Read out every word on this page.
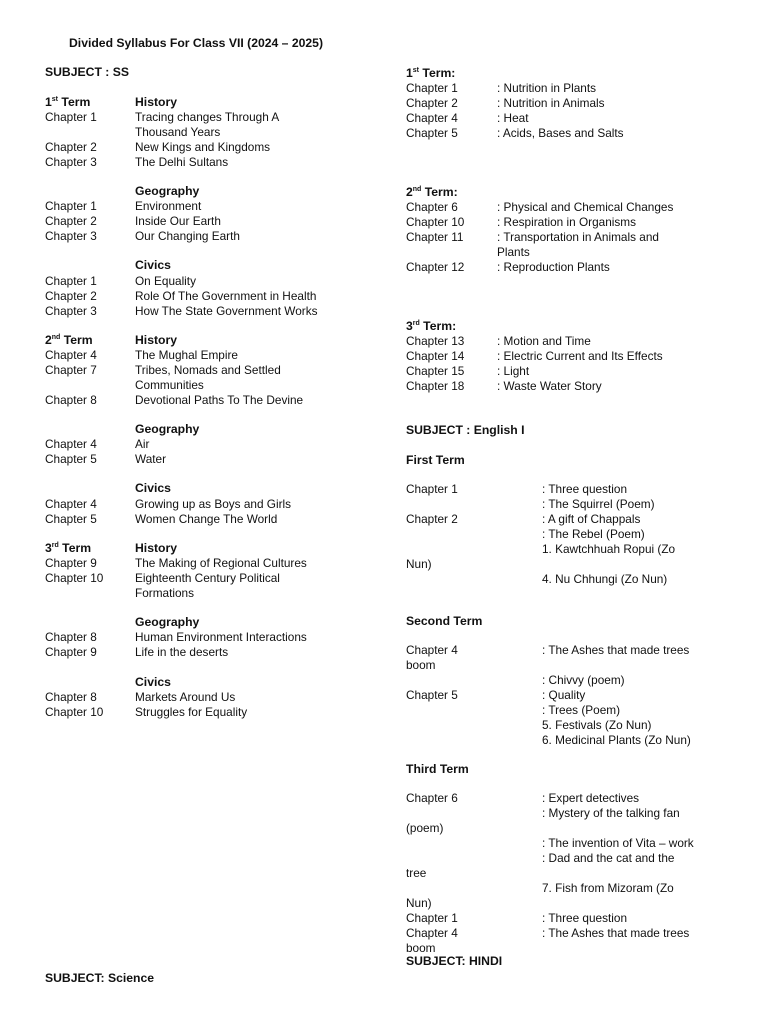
Divided Syllabus For Class VII (2024 – 2025)
SUBJECT : SS
1st Term	History
Chapter 1	Tracing changes Through A
Thousand Years
Chapter 2	New Kings and Kingdoms
Chapter 3	The Delhi Sultans
Geography
Chapter 1	Environment
Chapter 2	Inside Our Earth
Chapter 3	Our Changing Earth
Civics
Chapter 1	On Equality
Chapter 2	Role Of The Government in Health
Chapter 3	How The State Government Works
2nd Term	History
Chapter 4	The Mughal Empire
Chapter 7	Tribes, Nomads and Settled
Communities
Chapter 8	Devotional Paths To The Devine
Geography
Chapter 4	Air
Chapter 5	Water
Civics
Chapter 4	Growing up as Boys and Girls
Chapter 5	Women Change The World
3rd Term	History
Chapter 9	The Making of Regional Cultures
Chapter 10	Eighteenth Century Political
Formations
Geography
Chapter 8	Human Environment Interactions
Chapter 9	Life in the deserts
Civics
Chapter 8	Markets Around Us
Chapter 10	Struggles for Equality
SUBJECT: Science
1st Term:
Chapter 1	: Nutrition in Plants
Chapter 2	: Nutrition in Animals
Chapter 4	: Heat
Chapter 5	: Acids, Bases and Salts
2nd Term:
Chapter 6	: Physical and Chemical Changes
Chapter 10	: Respiration in Organisms
Chapter 11	: Transportation in Animals and
Plants
Chapter 12	: Reproduction Plants
3rd Term:
Chapter 13	: Motion and Time
Chapter 14	: Electric Current and Its Effects
Chapter 15	: Light
Chapter 18	: Waste Water Story
SUBJECT : English I
First Term
Chapter 1	: Three question
: The Squirrel (Poem)
Chapter 2	: A gift of Chappals
: The Rebel (Poem)
1. Kawtchhuah Ropui (Zo
Nun)
4. Nu Chhungi (Zo Nun)
Second Term
Chapter 4	: The Ashes that made trees
boom
: Chivvy (poem)
Chapter 5	: Quality
: Trees (Poem)
5. Festivals (Zo Nun)
6. Medicinal Plants (Zo Nun)
Third Term
Chapter 6	: Expert detectives
: Mystery of the talking fan
(poem)
: The invention of Vita – work
: Dad and the cat and the
tree
7. Fish from Mizoram (Zo
Nun)
Chapter 1	: Three question
Chapter 4	: The Ashes that made trees
boom
SUBJECT: HINDI
